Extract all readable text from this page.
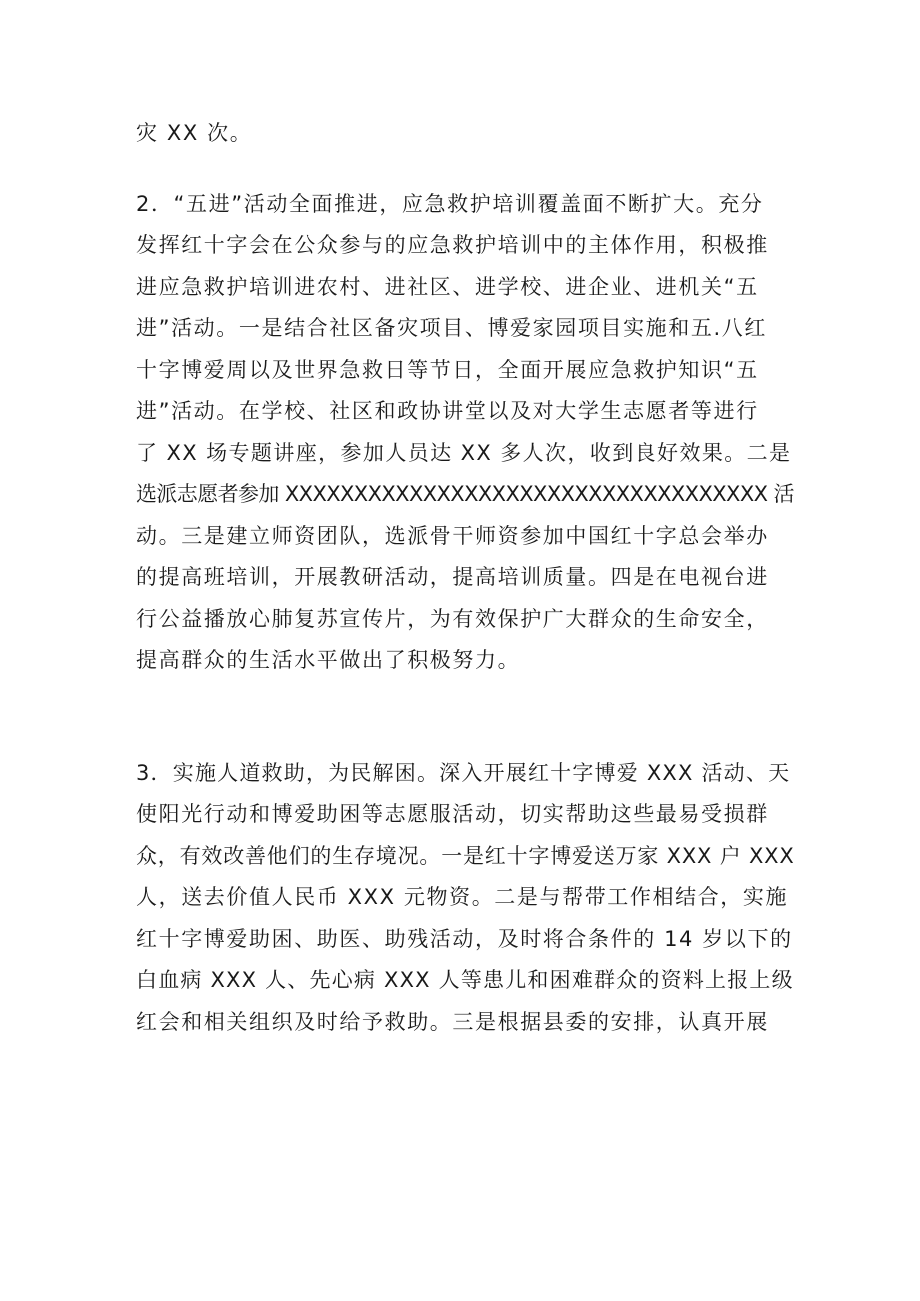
灾 XX 次。
2．“五进”活动全面推进，应急救护培训覆盖面不断扩大。充分
发挥红十字会在公众参与的应急救护培训中的主体作用，积极推
进应急救护培训进农村、进社区、进学校、进企业、进机关“五
进”活动。一是结合社区备灾项目、博爱家园项目实施和五.八红
十字博爱周以及世界急救日等节日，全面开展应急救护知识“五
进”活动。在学校、社区和政协讲堂以及对大学生志愿者等进行
了 XX 场专题讲座，参加人员达 XX 多人次，收到良好效果。二是
选派志愿者参加 XXXXXXXXXXXXXXXXXXXXXXXXXXXXXXXXXXX 活
动。三是建立师资团队，选派骨干师资参加中国红十字总会举办
的提高班培训，开展教研活动，提高培训质量。四是在电视台进
行公益播放心肺复苏宣传片，为有效保护广大群众的生命安全，
提高群众的生活水平做出了积极努力。
3．实施人道救助，为民解困。深入开展红十字博爱 XXX 活动、天
使阳光行动和博爱助困等志愿服活动，切实帮助这些最易受损群
众，有效改善他们的生存境况。一是红十字博爱送万家 XXX 户 XXX
人，送去价值人民币 XXX 元物资。二是与帮带工作相结合，实施
红十字博爱助困、助医、助残活动，及时将合条件的 14 岁以下的
白血病 XXX 人、先心病 XXX 人等患儿和困难群众的资料上报上级
红会和相关组织及时给予救助。三是根据县委的安排，认真开展
